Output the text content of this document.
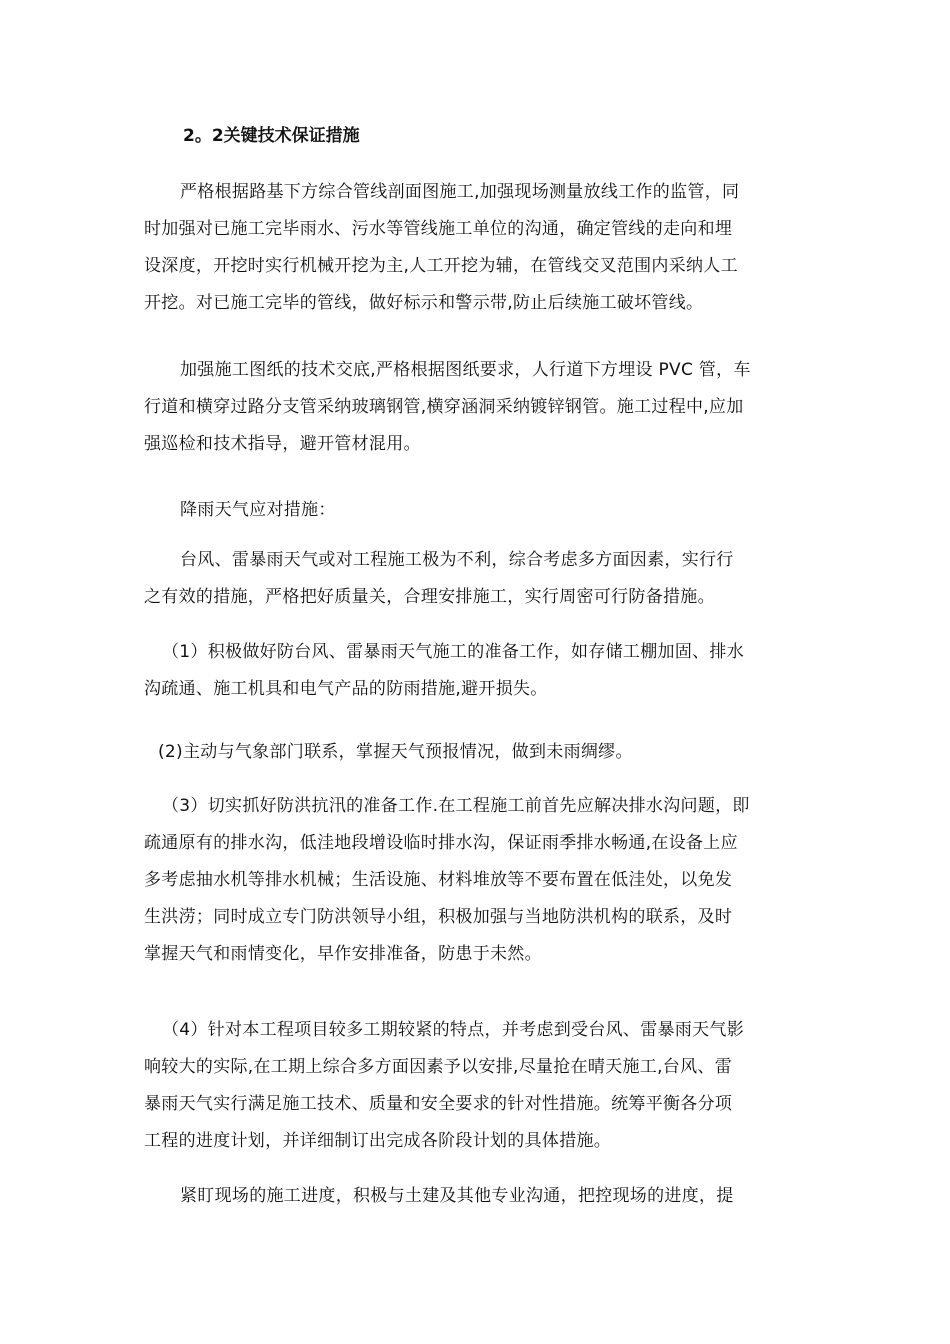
2。2关键技术保证措施

严格根据路基下方综合管线剖面图施工,加强现场测量放线工作的监管，同
时加强对已施工完毕雨水、污水等管线施工单位的沟通，确定管线的走向和埋
设深度，开挖时实行机械开挖为主,人工开挖为辅，在管线交叉范围内采纳人工
开挖。对已施工完毕的管线，做好标示和警示带,防止后续施工破坏管线。

加强施工图纸的技术交底,严格根据图纸要求，人行道下方埋设 PVC 管，车
行道和横穿过路分支管采纳玻璃钢管,横穿涵洞采纳镀锌钢管。施工过程中,应加
强巡检和技术指导，避开管材混用。

降雨天气应对措施：

台风、雷暴雨天气或对工程施工极为不利，综合考虑多方面因素，实行行
之有效的措施，严格把好质量关，合理安排施工，实行周密可行防备措施。

（1）积极做好防台风、雷暴雨天气施工的准备工作，如存储工棚加固、排水
沟疏通、施工机具和电气产品的防雨措施,避开损失。

(2)主动与气象部门联系，掌握天气预报情况，做到未雨绸缪。

（3）切实抓好防洪抗汛的准备工作.在工程施工前首先应解决排水沟问题，即
疏通原有的排水沟，低洼地段增设临时排水沟，保证雨季排水畅通,在设备上应
多考虑抽水机等排水机械；生活设施、材料堆放等不要布置在低洼处，以免发
生洪涝；同时成立专门防洪领导小组，积极加强与当地防洪机构的联系，及时
掌握天气和雨情变化，早作安排准备，防患于未然。

（4）针对本工程项目较多工期较紧的特点，并考虑到受台风、雷暴雨天气影
响较大的实际,在工期上综合多方面因素予以安排,尽量抢在晴天施工,台风、雷
暴雨天气实行满足施工技术、质量和安全要求的针对性措施。统筹平衡各分项
工程的进度计划，并详细制订出完成各阶段计划的具体措施。

紧盯现场的施工进度，积极与土建及其他专业沟通，把控现场的进度，提
